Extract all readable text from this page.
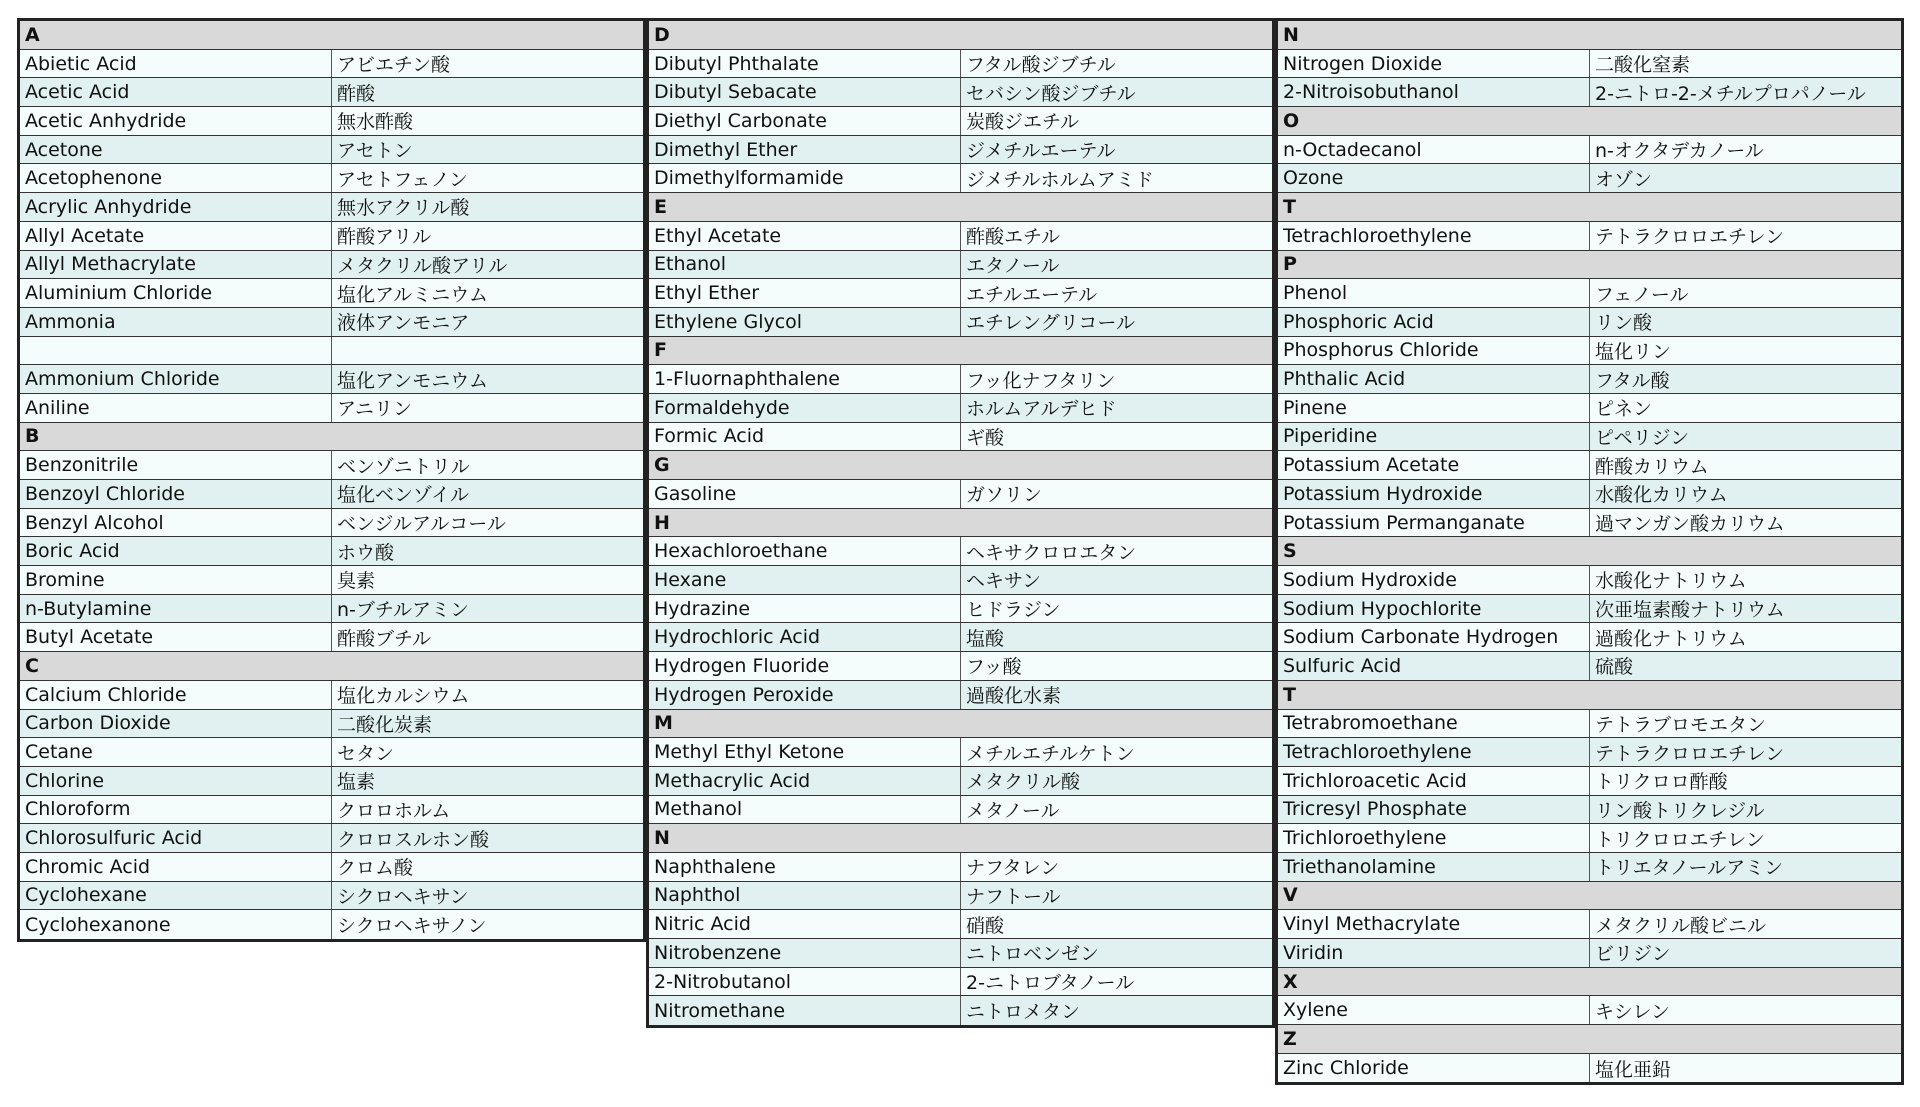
A
Abietic Acid	アビエチン酸
Acetic Acid	酢酸
Acetic Anhydride	無水酢酸
Acetone	アセトン
Acetophenone	アセトフェノン
Acrylic Anhydride	無水アクリル酸
Allyl Acetate	酢酸アリル
Allyl Methacrylate	メタクリル酸アリル
Aluminium Chloride	塩化アルミニウム
Ammonia	液体アンモニア
Ammonium Chloride	塩化アンモニウム
Aniline	アニリン
B
Benzonitrile	ベンゾニトリル
Benzoyl Chloride	塩化ベンゾイル
Benzyl Alcohol	ベンジルアルコール
Boric Acid	ホウ酸
Bromine	臭素
n-Butylamine	n-ブチルアミン
Butyl Acetate	酢酸ブチル
C
Calcium Chloride	塩化カルシウム
Carbon Dioxide	二酸化炭素
Cetane	セタン
Chlorine	塩素
Chloroform	クロロホルム
Chlorosulfuric Acid	クロロスルホン酸
Chromic Acid	クロム酸
Cyclohexane	シクロヘキサン
Cyclohexanone	シクロヘキサノン
D
Dibutyl Phthalate	フタル酸ジブチル
Dibutyl Sebacate	セバシン酸ジブチル
Diethyl Carbonate	炭酸ジエチル
Dimethyl Ether	ジメチルエーテル
Dimethylformamide	ジメチルホルムアミド
E
Ethyl Acetate	酢酸エチル
Ethanol	エタノール
Ethyl Ether	エチルエーテル
Ethylene Glycol	エチレングリコール
F
1-Fluornaphthalene	フッ化ナフタリン
Formaldehyde	ホルムアルデヒド
Formic Acid	ギ酸
G
Gasoline	ガソリン
H
Hexachloroethane	ヘキサクロロエタン
Hexane	ヘキサン
Hydrazine	ヒドラジン
Hydrochloric Acid	塩酸
Hydrogen Fluoride	フッ酸
Hydrogen Peroxide	過酸化水素
M
Methyl Ethyl Ketone	メチルエチルケトン
Methacrylic Acid	メタクリル酸
Methanol	メタノール
N
Naphthalene	ナフタレン
Naphthol	ナフトール
Nitric Acid	硝酸
Nitrobenzene	ニトロベンゼン
2-Nitrobutanol	2-ニトロブタノール
Nitromethane	ニトロメタン
N
Nitrogen Dioxide	二酸化窒素
2-Nitroisobuthanol	2-ニトロ-2-メチルプロパノール
O
n-Octadecanol	n-オクタデカノール
Ozone	オゾン
T
Tetrachloroethylene	テトラクロロエチレン
P
Phenol	フェノール
Phosphoric Acid	リン酸
Phosphorus Chloride	塩化リン
Phthalic Acid	フタル酸
Pinene	ピネン
Piperidine	ピペリジン
Potassium Acetate	酢酸カリウム
Potassium Hydroxide	水酸化カリウム
Potassium Permanganate	過マンガン酸カリウム
S
Sodium Hydroxide	水酸化ナトリウム
Sodium Hypochlorite	次亜塩素酸ナトリウム
Sodium Carbonate Hydrogen	過酸化ナトリウム
Sulfuric Acid	硫酸
T
Tetrabromoethane	テトラブロモエタン
Tetrachloroethylene	テトラクロロエチレン
Trichloroacetic Acid	トリクロロ酢酸
Tricresyl Phosphate	リン酸トリクレジル
Trichloroethylene	トリクロロエチレン
Triethanolamine	トリエタノールアミン
V
Vinyl Methacrylate	メタクリル酸ビニル
Viridin	ビリジン
X
Xylene	キシレン
Z
Zinc Chloride	塩化亜鉛
